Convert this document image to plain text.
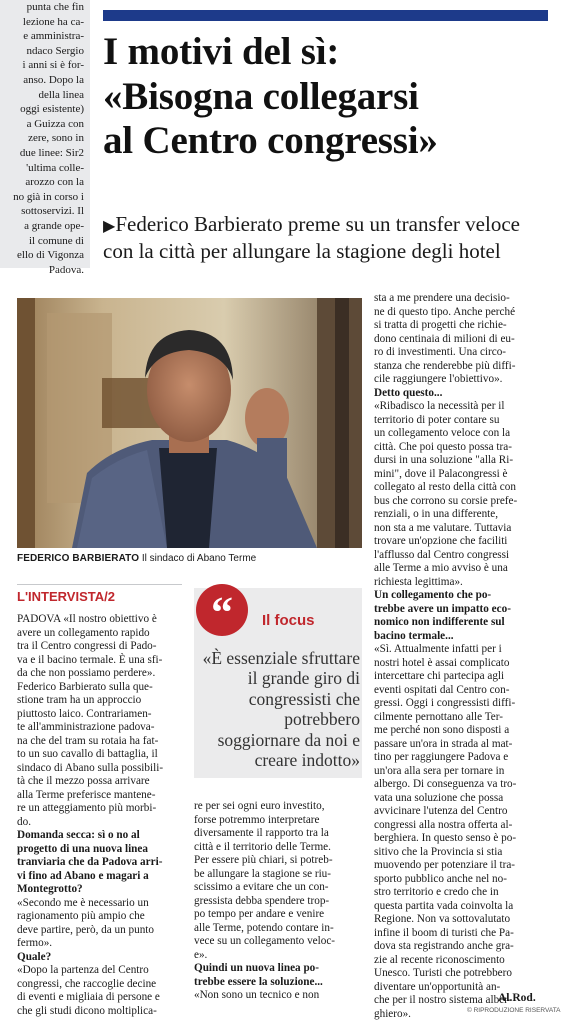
punta che fin

lezione ha ca-

e amministra-

ndaco Sergio

i anni si è for-

anso. Dopo la

della linea

oggi esistente)

a Guizza con

zere, sono in

due linee: Sir2

'ultima colle-

arozzo con la

no già in corso i

sottoservizi. Il

a grande ope-

il comune di

ello di Vigonza

Padova.

I motivi del sì:
«Bisogna collegarsi
al Centro congressi»
▶Federico Barbierato preme su un transfer veloce
con la città per allungare la stagione degli hotel
FEDERICO BARBIERATO Il sindaco di Abano Terme
L'INTERVISTA/2	“	Il focus
«È essenziale sfruttare il grande giro di congressisti che potrebbero soggiornare da noi e creare indotto»

PADOVA «Il nostro obiettivo è

avere un collegamento rapido

tra il Centro congressi di Pado-

va e il bacino termale. È una sfi-

da che non possiamo perdere».

Federico Barbierato sulla que-

stione tram ha un approccio

piuttosto laico. Contrariamen-

te all'amministrazione padova-

na che del tram su rotaia ha fat-

to un suo cavallo di battaglia, il

sindaco di Abano sulla possibili-

tà che il mezzo possa arrivare

alla Terme preferisce mantene-

re un atteggiamento più morbi-

do.

Domanda secca: sì o no al

progetto di una nuova linea

tranviaria che da Padova arri-

vi fino ad Abano e magari a

Montegrotto?

«Secondo me è necessario un

ragionamento più ampio che

deve partire, però, da un punto

fermo».

Quale?

«Dopo la partenza del Centro

congressi, che raccoglie decine

di eventi e migliaia di persone e

che gli studi dicono moltiplica-

re per sei ogni euro investito,

forse potremmo interpretare

diversamente il rapporto tra la

città e il territorio delle Terme.

Per essere più chiari, si potreb-

be allungare la stagione se riu-

scissimo a evitare che un con-

gressista debba spendere trop-

po tempo per andare e venire

alle Terme, potendo contare in-

vece su un collegamento veloc-

e».

Quindi un nuova linea po-

trebbe essere la soluzione...

«Non sono un tecnico e non

sta a me prendere una decisio-

ne di questo tipo. Anche perché

si tratta di progetti che richie-

dono centinaia di milioni di eu-

ro di investimenti. Una circo-

stanza che renderebbe più diffi-

cile raggiungere l'obiettivo».

Detto questo...

«Ribadisco la necessità per il

territorio di poter contare su

un collegamento veloce con la

città. Che poi questo possa tra-

dursi in una soluzione "alla Ri-

mini", dove il Palacongressi è

collegato al resto della città con

bus che corrono su corsie prefe-

renziali, o in una differente,

non sta a me valutare. Tuttavia

trovare un'opzione che faciliti

l'afflusso dal Centro congressi

alle Terme a mio avviso è una

richiesta legittima».

Un collegamento che po-

trebbe avere un impatto eco-

nomico non indifferente sul

bacino termale...

«Sì. Attualmente infatti per i

nostri hotel è assai complicato

intercettare chi partecipa agli

eventi ospitati dal Centro con-

gressi. Oggi i congressisti diffi-

cilmente pernottano alle Ter-

me perché non sono disposti a

passare un'ora in strada al mat-

tino per raggiungere Padova e

un'ora alla sera per tornare in

albergo. Di conseguenza va tro-

vata una soluzione che possa

avvicinare l'utenza del Centro

congressi alla nostra offerta al-

berghiera. In questo senso è po-

sitivo che la Provincia si stia

muovendo per potenziare il tra-

sporto pubblico anche nel no-

stro territorio e credo che in

questa partita vada coinvolta la

Regione. Non va sottovalutato

infine il boom di turisti che Pa-

dova sta registrando anche gra-

zie al recente riconoscimento

Unesco. Turisti che potrebbero

diventare un'opportunità an-

che per il nostro sistema alber-

ghiero».

Al.Rod.
© RIPRODUZIONE RISERVATA
